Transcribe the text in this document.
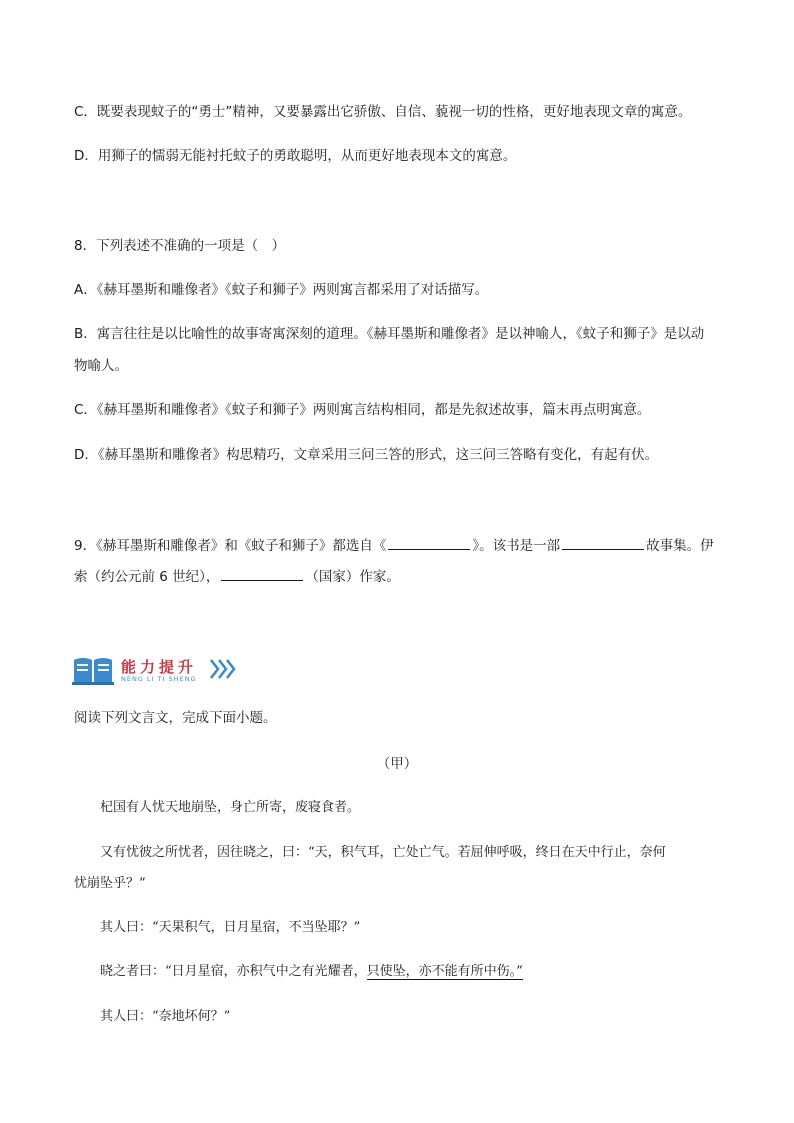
C．既要表现蚊子的“勇士”精神，又要暴露出它骄傲、自信、藐视一切的性格，更好地表现文章的寓意。
D．用狮子的懦弱无能衬托蚊子的勇敢聪明，从而更好地表现本文的寓意。
8．下列表述不准确的一项是（　）
A．《赫耳墨斯和雕像者》《蚊子和狮子》两则寓言都采用了对话描写。
B．寓言往往是以比喻性的故事寄寓深刻的道理。《赫耳墨斯和雕像者》是以神喻人，《蚊子和狮子》是以动
物喻人。
C．《赫耳墨斯和雕像者》《蚊子和狮子》两则寓言结构相同，都是先叙述故事，篇末再点明寓意。
D．《赫耳墨斯和雕像者》构思精巧，文章采用三问三答的形式，这三问三答略有变化，有起有伏。
9．《赫耳墨斯和雕像者》和《蚊子和狮子》都选自《	》。该书是一部	故事集。伊
索（约公元前 6 世纪），	（国家）作家。
能力提升
NENG LI TI SHENG
阅读下列文言文，完成下面小题。
（甲）
杞国有人忧天地崩坠，身亡所寄，废寝食者。
又有忧彼之所忧者，因往晓之，曰：“天，积气耳，亡处亡气。若屈伸呼吸，终日在天中行止，奈何
忧崩坠乎？”
其人曰：“天果积气，日月星宿，不当坠耶？”
晓之者曰：“日月星宿，亦积气中之有光耀者，只使坠，亦不能有所中伤。”
其人曰：“奈地坏何？”
